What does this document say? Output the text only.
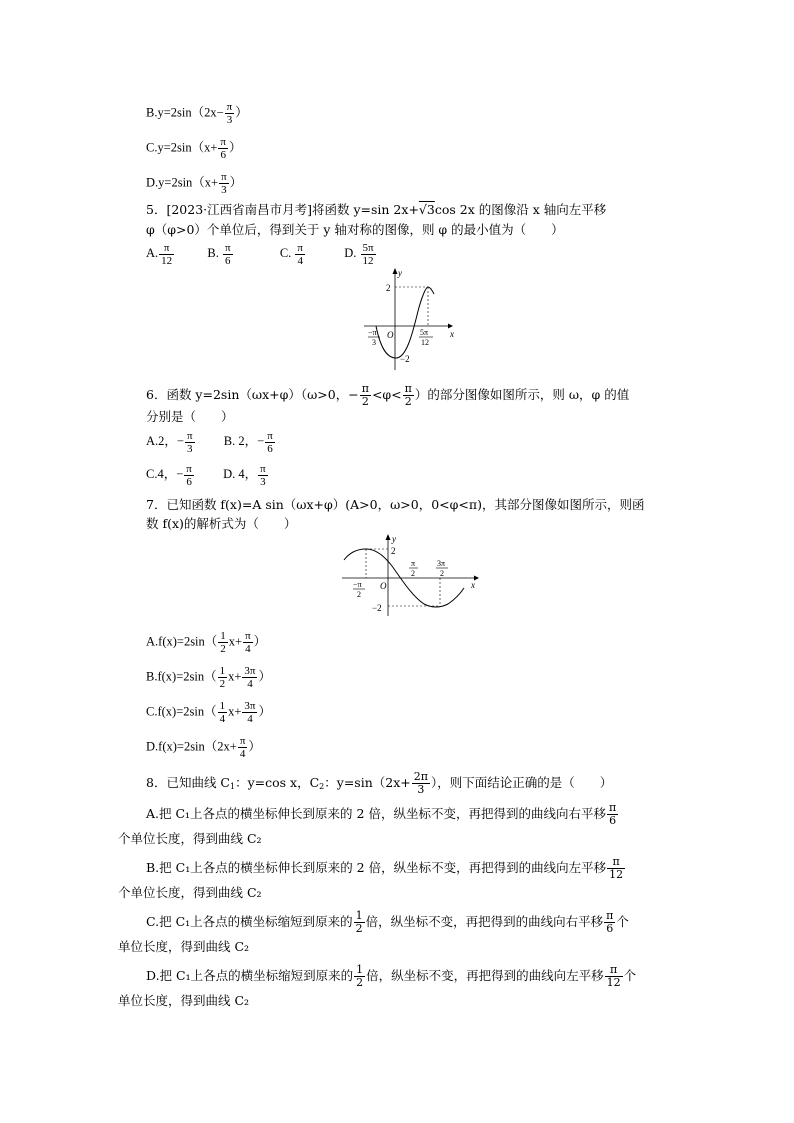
$B.y=2\sin(2x- \frac{\pi}{3}$ ）
$C.y=2\sin(x+ \frac{\pi}{6}$ ）
$D.y=2\sin(x+ \frac{\pi}{3}$ ）
5．[2023·江西省南昌市月考]将函数 y=sin 2x+√3cos 2x 的图像沿 x 轴向左平移
φ（φ>0）个单位后，得到关于 y 轴对称的图像，则 φ 的最小值为（　　）
A. $\frac{\pi}{12}$	B. $\frac{\pi}{6}$	C. $\frac{\pi}{4}$	D. $\frac{5\pi}{12}$
y
x
O
2
−2
−π
3
5π
12
6．函数 y=2sin（ωx+φ）（ω>0，− $\frac{\pi}{2} <\varphi< \frac{\pi}{2}$ ）的部分图像如图所示，则 ω，φ 的值
分别是（　　）
A.2，− $\frac{\pi}{3} B$. 2，− $\frac{\pi}{6}$
C.4，− $\frac{\pi}{6} D$. 4， $\frac{\pi}{3}$
7．已知函数 f(x)=A sin（ωx+φ）(A>0，ω>0，0<φ<π)，其部分图像如图所示，则函
数 f(x)的解析式为（　　）
y
x
O
2
−2
−π
2
π
2
3π
2
$A.f(x)=2\sin( \frac{1}{2} x+ \frac{\pi}{4}$ ）
$B.f(x)=2\sin( \frac{1}{2} x+ \frac{3\pi}{4}$ ）
$C.f(x)=2\sin( \frac{1}{4} x+ \frac{3\pi}{4}$ ）
$D.f(x)=2\sin(2x+ \frac{\pi}{4}$ ）
8．已知曲线 $C_1$：y=cos x，$C_2$：$y=\sin(2x+ \frac{2\pi}{3}$ ），则下面结论正确的是（　　）
A.把 C₁上各点的横坐标伸长到原来的 2 倍，纵坐标不变，再把得到的曲线向右平移 $\frac{\pi}{6}$
个单位长度，得到曲线 C₂
B.把 C₁上各点的横坐标伸长到原来的 2 倍，纵坐标不变，再把得到的曲线向左平移 $\frac{\pi}{12}$
个单位长度，得到曲线 C₂
C.把 C₁上各点的横坐标缩短到原来的 $\frac{1}{2}$ 倍，纵坐标不变，再把得到的曲线向右平移 $\frac{\pi}{6}$ 个
单位长度，得到曲线 C₂
D.把 C₁上各点的横坐标缩短到原来的 $\frac{1}{2}$ 倍，纵坐标不变，再把得到的曲线向左平移 $\frac{\pi}{12}$ 个
单位长度，得到曲线 C₂
